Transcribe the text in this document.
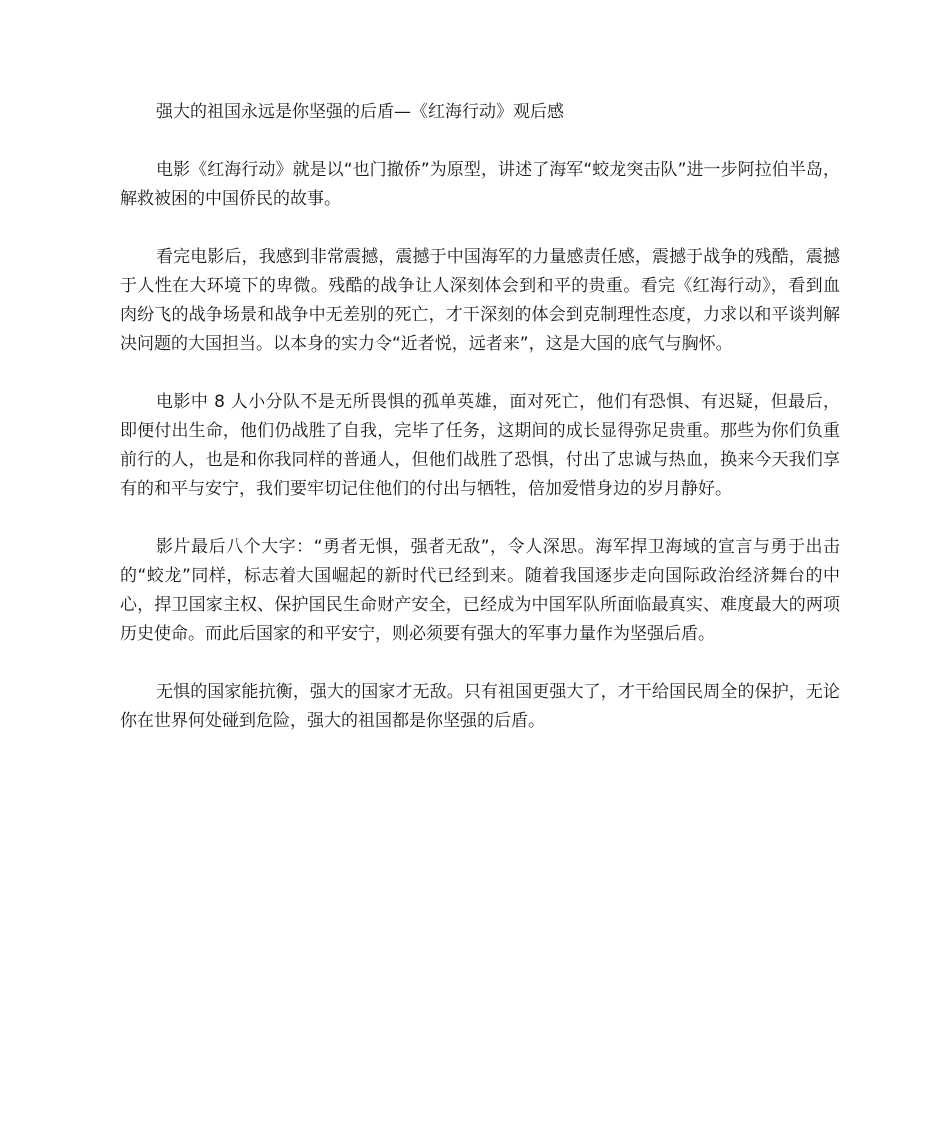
强大的祖国永远是你坚强的后盾—《红海行动》观后感

电影《红海行动》就是以“也门撤侨”为原型，讲述了海军“蛟龙突击队”进一步阿拉伯半岛，解救被困的中国侨民的故事。

看完电影后，我感到非常震撼，震撼于中国海军的力量感责任感，震撼于战争的残酷，震撼于人性在大环境下的卑微。残酷的战争让人深刻体会到和平的贵重。看完《红海行动》，看到血肉纷飞的战争场景和战争中无差别的死亡，才干深刻的体会到克制理性态度，力求以和平谈判解决问题的大国担当。以本身的实力令“近者悦，远者来”，这是大国的底气与胸怀。

电影中 8 人小分队不是无所畏惧的孤单英雄，面对死亡，他们有恐惧、有迟疑，但最后，即便付出生命，他们仍战胜了自我，完毕了任务，这期间的成长显得弥足贵重。那些为你们负重前行的人，也是和你我同样的普通人，但他们战胜了恐惧，付出了忠诚与热血，换来今天我们享有的和平与安宁，我们要牢切记住他们的付出与牺牲，倍加爱惜身边的岁月静好。

影片最后八个大字：“勇者无惧，强者无敌”，令人深思。海军捍卫海域的宣言与勇于出击的“蛟龙”同样，标志着大国崛起的新时代已经到来。随着我国逐步走向国际政治经济舞台的中心，捍卫国家主权、保护国民生命财产安全，已经成为中国军队所面临最真实、难度最大的两项历史使命。而此后国家的和平安宁，则必须要有强大的军事力量作为坚强后盾。

无惧的国家能抗衡，强大的国家才无敌。只有祖国更强大了，才干给国民周全的保护，无论你在世界何处碰到危险，强大的祖国都是你坚强的后盾。
